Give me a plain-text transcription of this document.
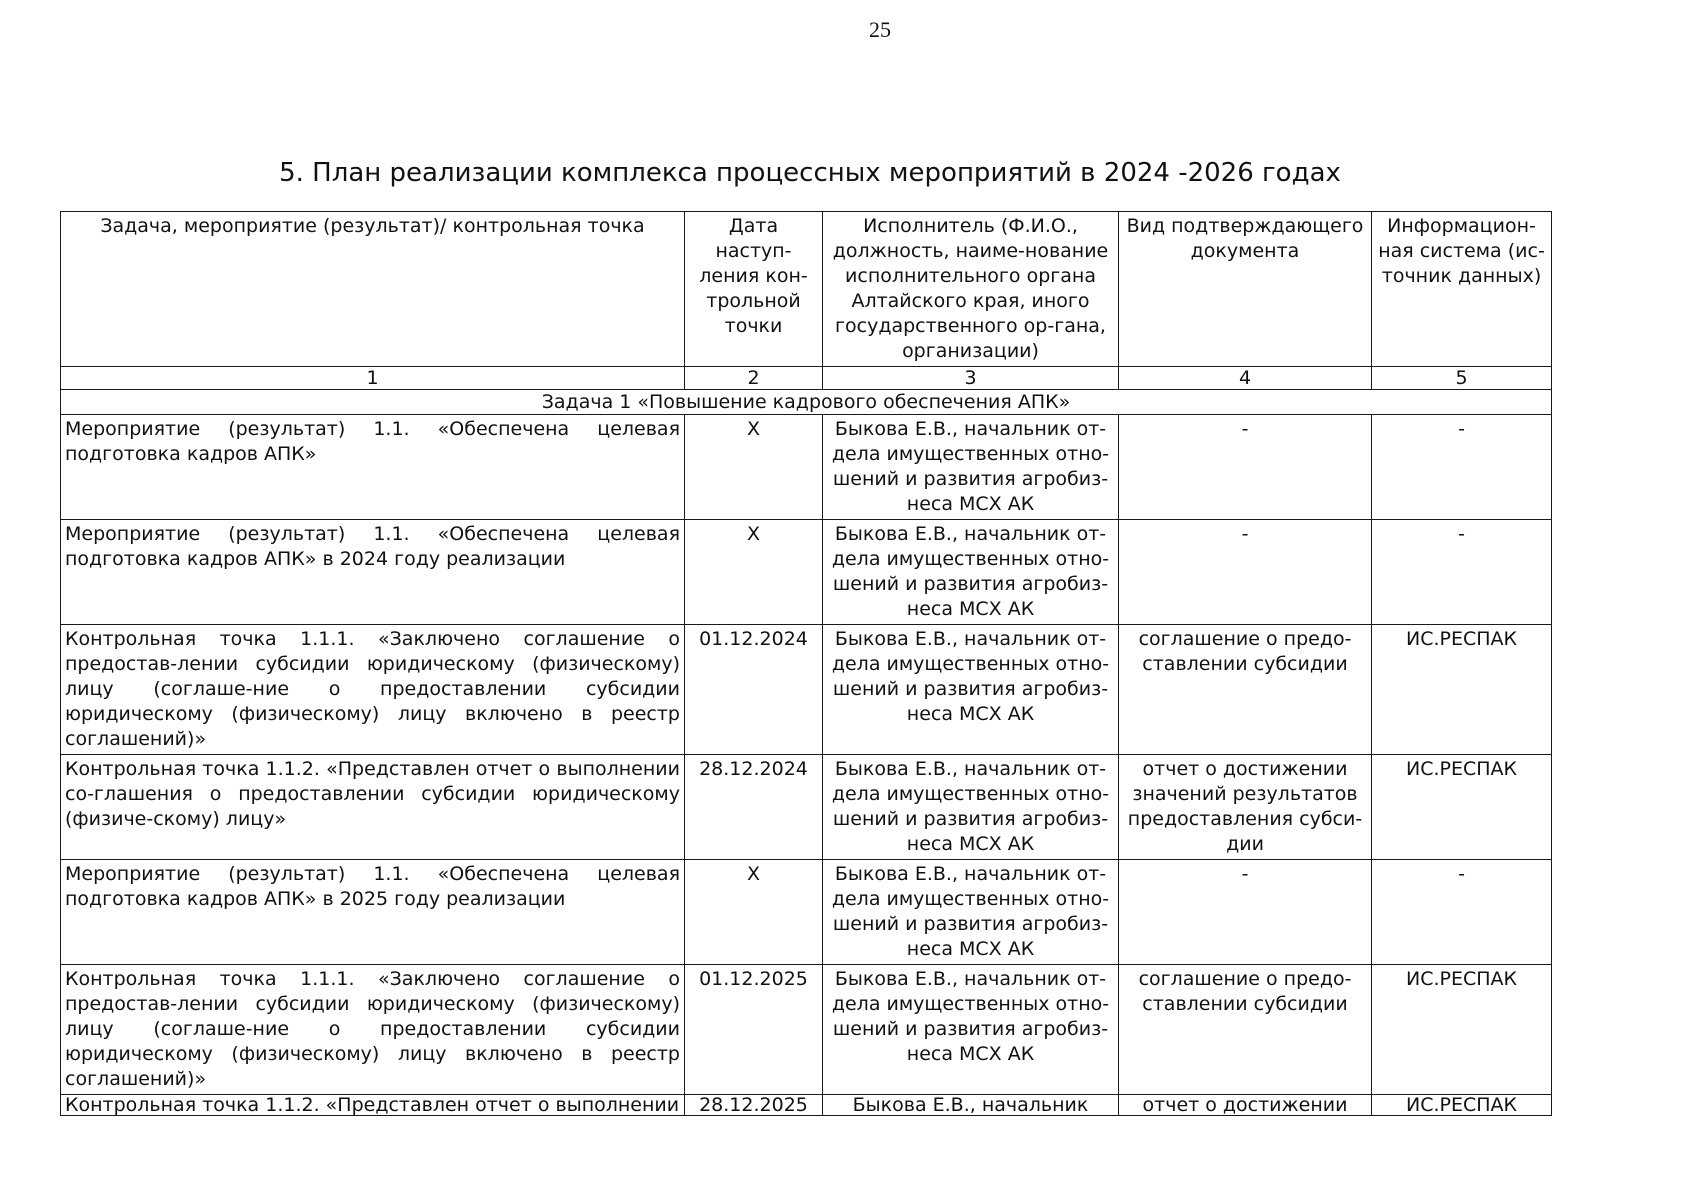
25
5. План реализации комплекса процессных мероприятий в 2024 -2026 годах
Задача, мероприятие (результат)/ контрольная точка	Дата наступ-ления кон-трольной точки	Исполнитель (Ф.И.О., должность, наиме-нование исполнительного органа Алтайского края, иного государственного ор-гана, организации)	Вид подтверждающего документа	Информацион-ная система (ис-точник данных)
1	2	3	4	5
Задача 1 «Повышение кадрового обеспечения АПК»				
Мероприятие (результат) 1.1. «Обеспечена целевая подготовка кадров АПК»	Х	Быкова Е.В., начальник от-дела имущественных отно-шений и развития агробиз-неса МСХ АК	-	-
Мероприятие (результат) 1.1. «Обеспечена целевая подготовка кадров АПК» в 2024 году реализации	Х	Быкова Е.В., начальник от-дела имущественных отно-шений и развития агробиз-неса МСХ АК	-	-
Контрольная точка 1.1.1. «Заключено соглашение о предостав-лении субсидии юридическому (физическому) лицу (соглаше-ние о предоставлении субсидии юридическому (физическому) лицу включено в реестр соглашений)»	01.12.2024	Быкова Е.В., начальник от-дела имущественных отно-шений и развития агробиз-неса МСХ АК	соглашение о предо-ставлении субсидии	ИС.РЕСПАК
Контрольная точка 1.1.2. «Представлен отчет о выполнении со-глашения о предоставлении субсидии юридическому (физиче-скому) лицу»	28.12.2024	Быкова Е.В., начальник от-дела имущественных отно-шений и развития агробиз-неса МСХ АК	отчет о достижении значений результатов предоставления субси-дии	ИС.РЕСПАК
Мероприятие (результат) 1.1. «Обеспечена целевая подготовка кадров АПК» в 2025 году реализации	Х	Быкова Е.В., начальник от-дела имущественных отно-шений и развития агробиз-неса МСХ АК	-	-
Контрольная точка 1.1.1. «Заключено соглашение о предостав-лении субсидии юридическому (физическому) лицу (соглаше-ние о предоставлении субсидии юридическому (физическому) лицу включено в реестр соглашений)»	01.12.2025	Быкова Е.В., начальник от-дела имущественных отно-шений и развития агробиз-неса МСХ АК	соглашение о предо-ставлении субсидии	ИС.РЕСПАК

Контрольная точка 1.1.2. «Представлен отчет о выполнении	28.12.2025	Быкова Е.В., начальник	отчет о достижении	ИС.РЕСПАК
